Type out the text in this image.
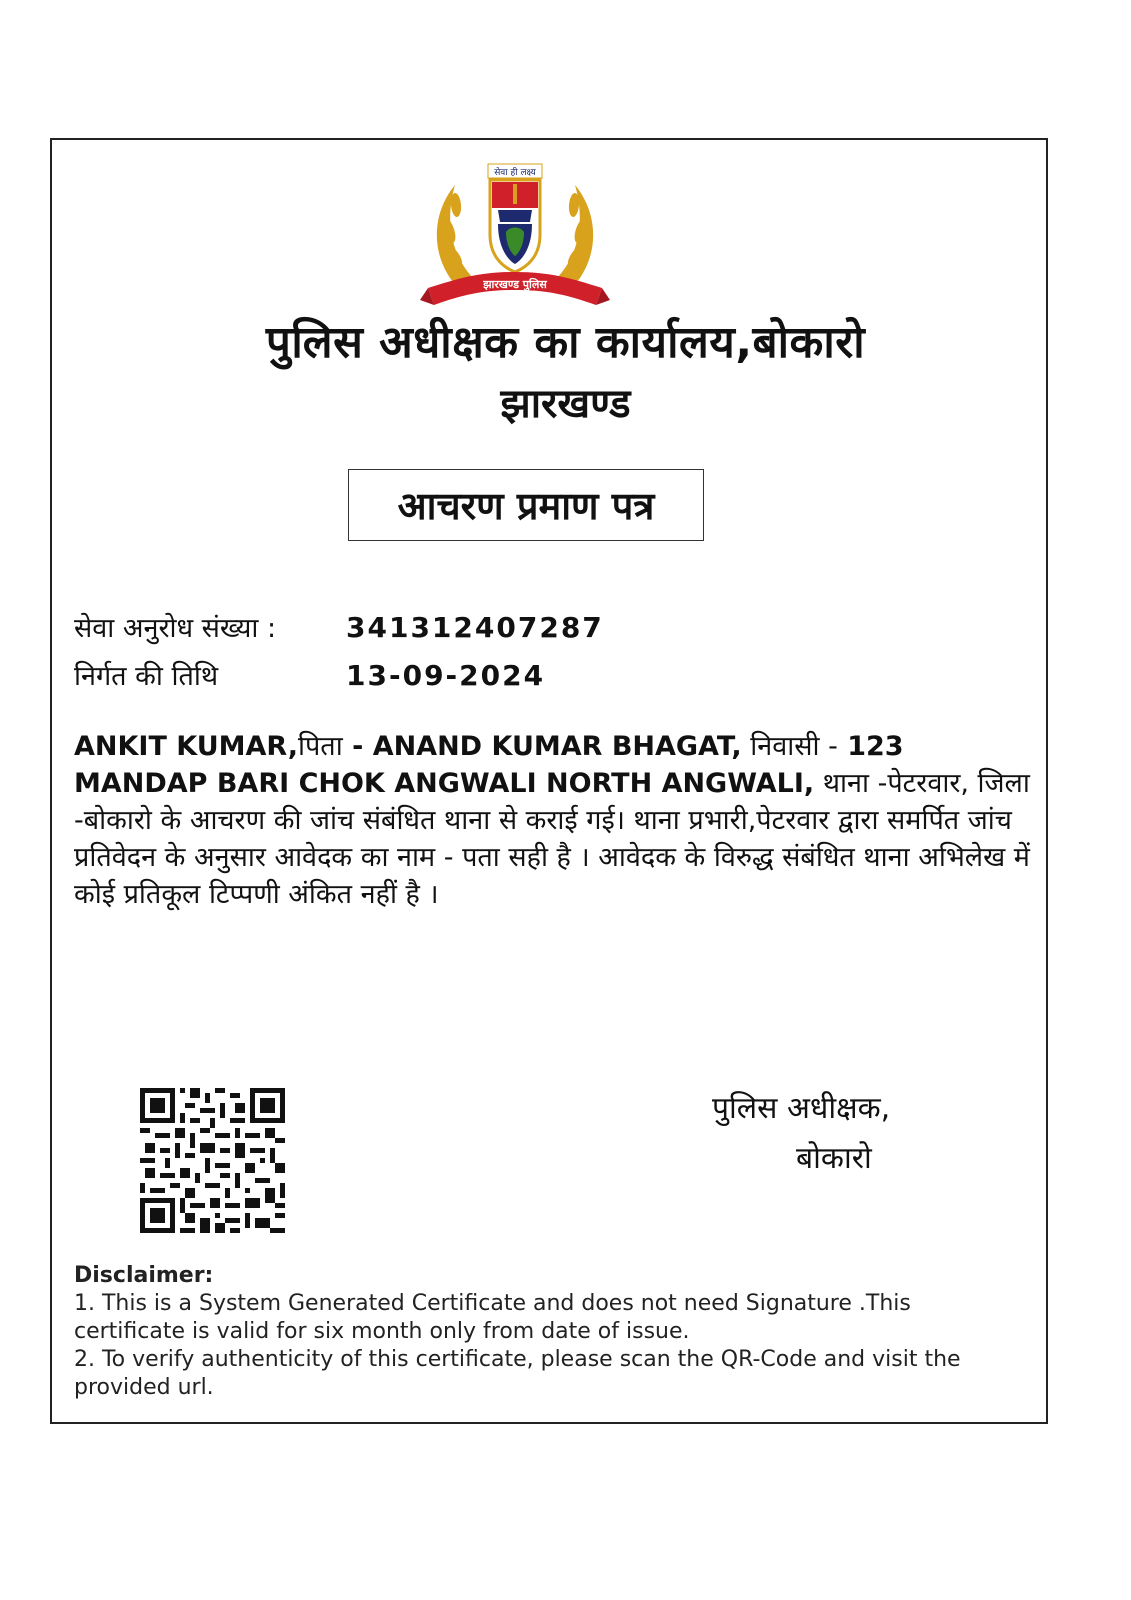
सेवा ही लक्ष्य
झारखण्ड पुलिस
पुलिस अधीक्षक का कार्यालय,बोकारो
झारखण्ड
आचरण प्रमाण पत्र
सेवा अनुरोध संख्या : 341312407287
निर्गत की तिथि	13-09-2024
ANKIT KUMAR,पिता - ANAND KUMAR BHAGAT, निवासी - 123 MANDAP BARI CHOK ANGWALI NORTH ANGWALI, थाना -पेटरवार, जिला -बोकारो के आचरण की जांच संबंधित थाना से कराई गई। थाना प्रभारी,पेटरवार द्वारा समर्पित जांच प्रतिवेदन के अनुसार आवेदक का नाम - पता सही है । आवेदक के विरुद्ध संबंधित थाना अभिलेख में कोई प्रतिकूल टिप्पणी अंकित नहीं है ।
पुलिस अधीक्षक,
बोकारो
Disclaimer:
1. This is a System Generated Certificate and does not need Signature .This certificate is valid for six month only from date of issue.
2. To verify authenticity of this certificate, please scan the QR-Code and visit the provided url.
